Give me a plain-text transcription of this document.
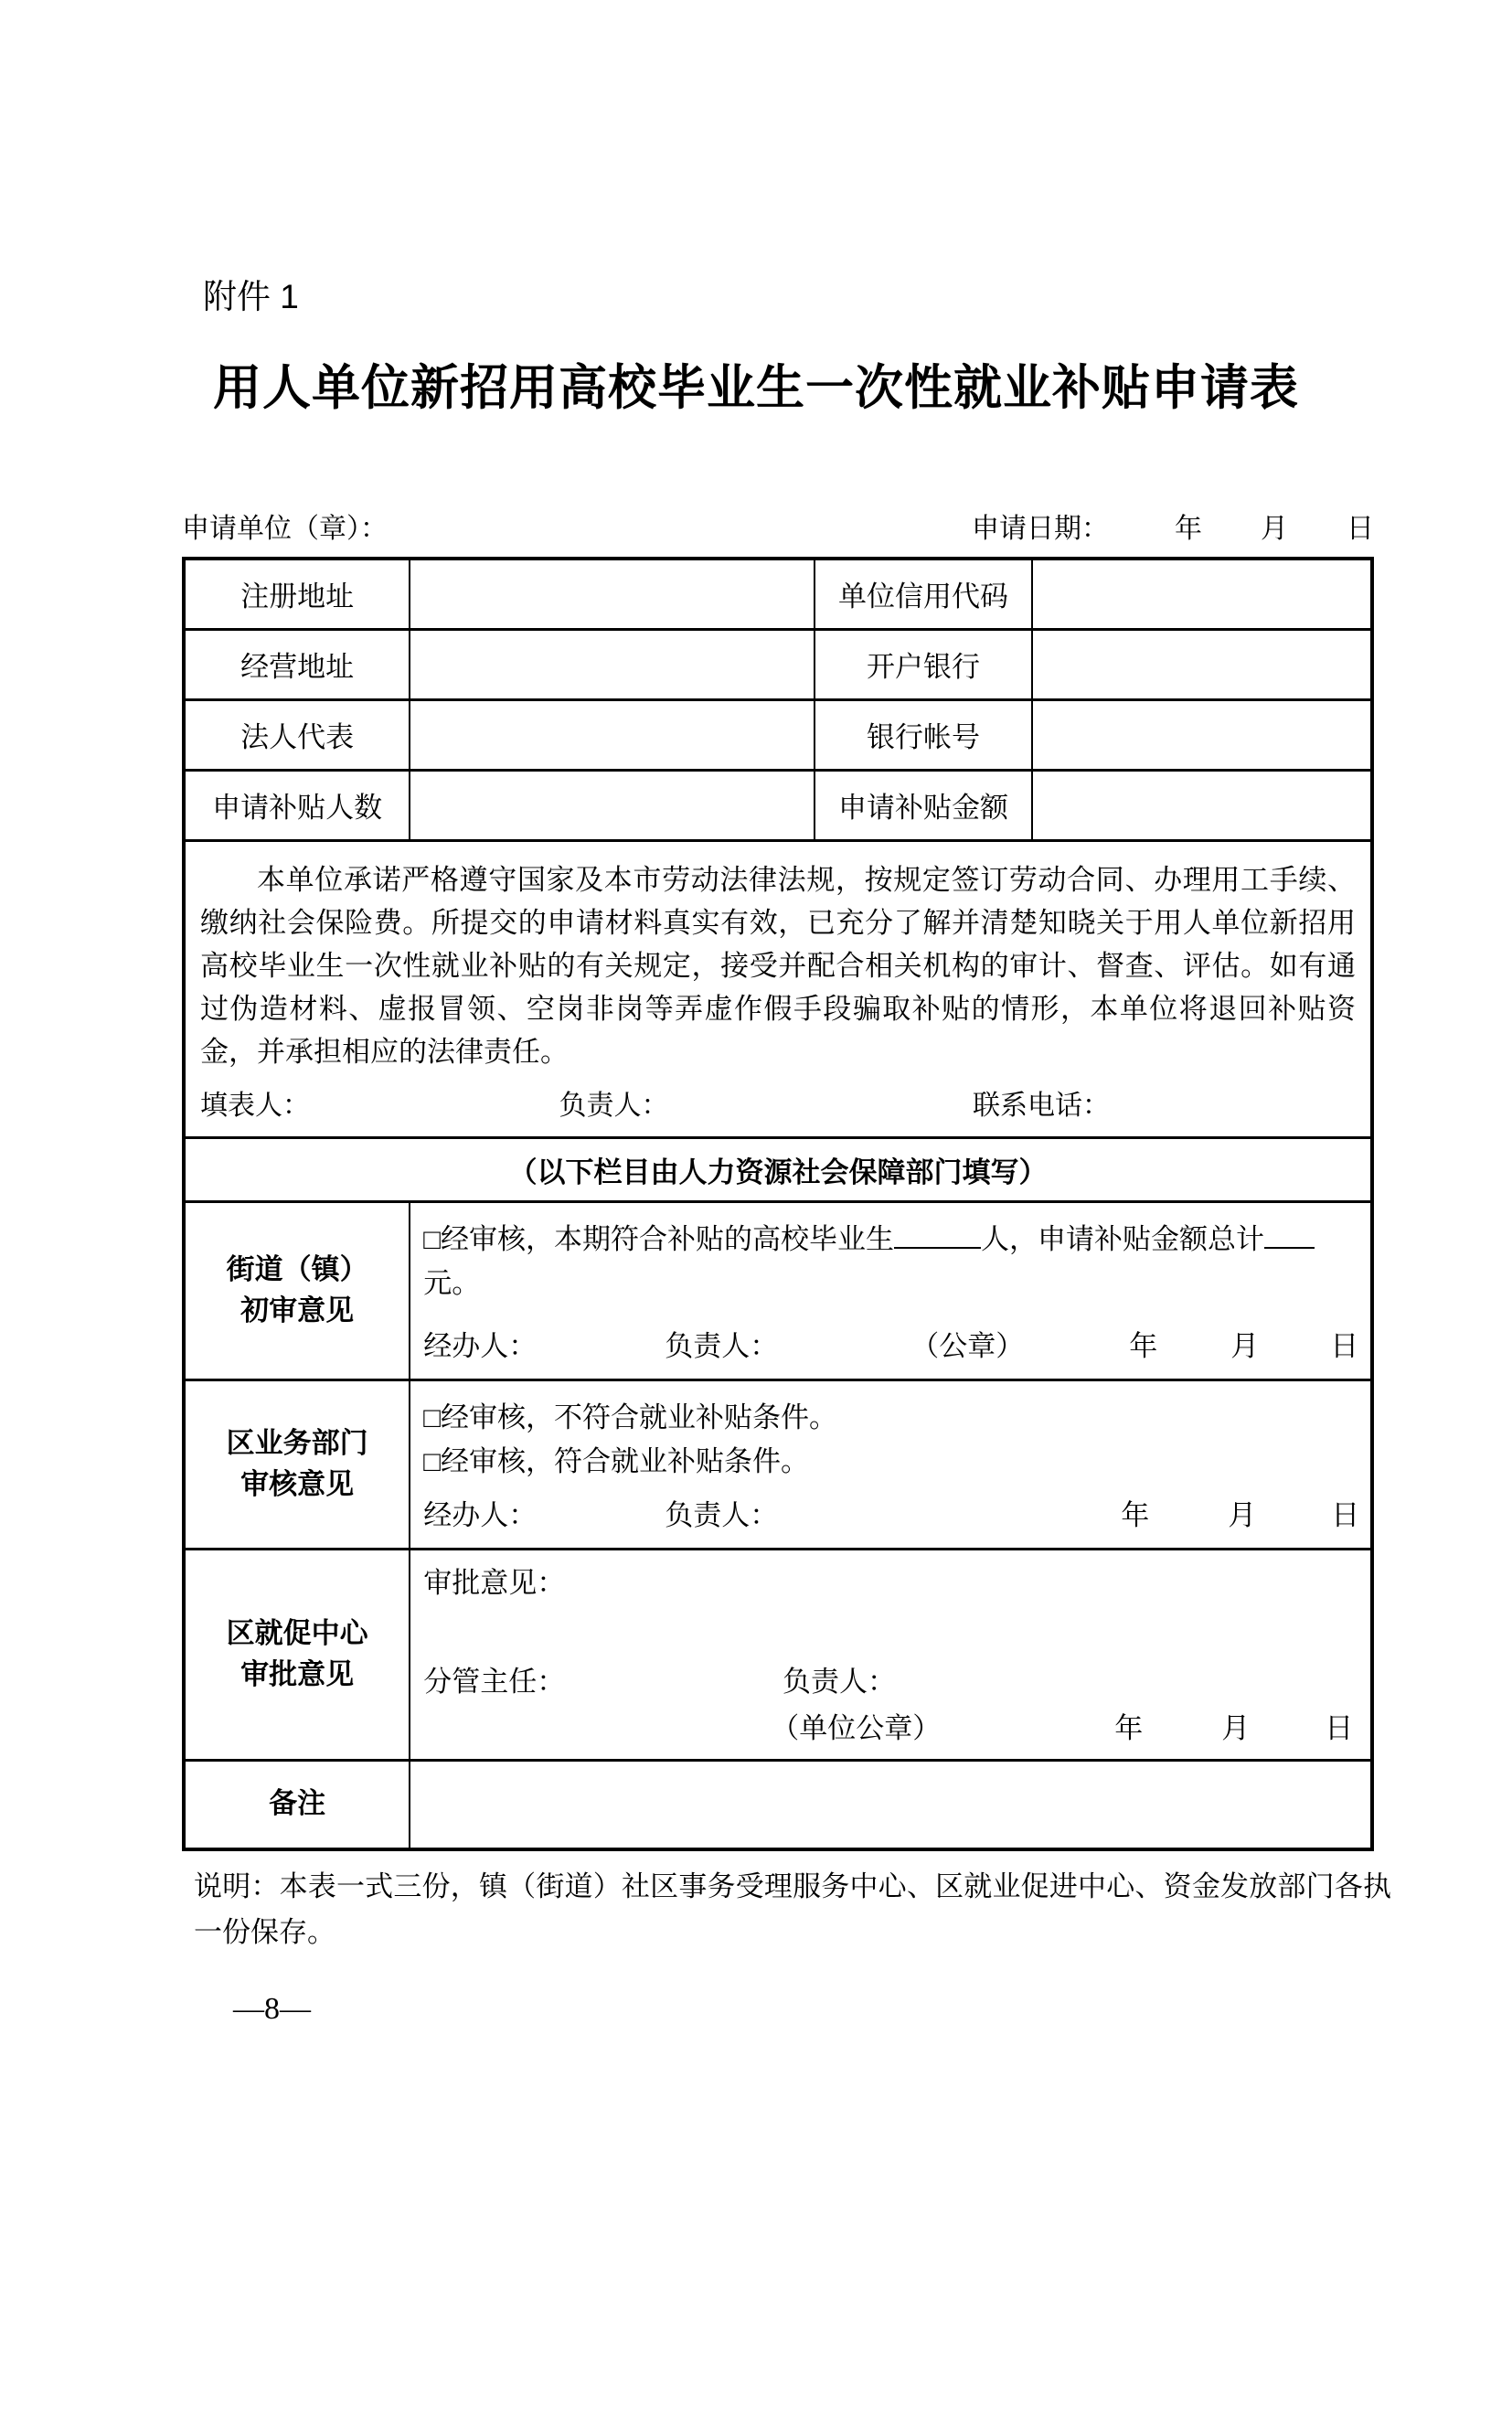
附件 1
用人单位新招用高校毕业生一次性就业补贴申请表
申请单位（章）：	申请日期： 年 月 日
注册地址	单位信用代码
经营地址	开户银行
法人代表	银行帐号
申请补贴人数	申请补贴金额
本单位承诺严格遵守国家及本市劳动法律法规，按规定签订劳动合同、办理用工手续、缴纳社会保险费。所提交的申请材料真实有效，已充分了解并清楚知晓关于用人单位新招用高校毕业生一次性就业补贴的有关规定，接受并配合相关机构的审计、督查、评估。如有通过伪造材料、虚报冒领、空岗非岗等弄虚作假手段骗取补贴的情形，本单位将退回补贴资金，并承担相应的法律责任。
填表人：	负责人：	联系电话：
（以下栏目由人力资源社会保障部门填写）
街道（镇）
初审意见
□经审核，本期符合补贴的高校毕业生	人，申请补贴金额总计
元。
经办人：	负责人：	（公章）	年	月	日
区业务部门
审核意见
□经审核，不符合就业补贴条件。
□经审核，符合就业补贴条件。
经办人：	负责人：	年	月	日
区就促中心
审批意见
审批意见：
分管主任：	负责人：
（单位公章）	年	月	日
备注
说明：本表一式三份，镇（街道）社区事务受理服务中心、区就业促进中心、资金发放部门各执一份保存。
—8—
